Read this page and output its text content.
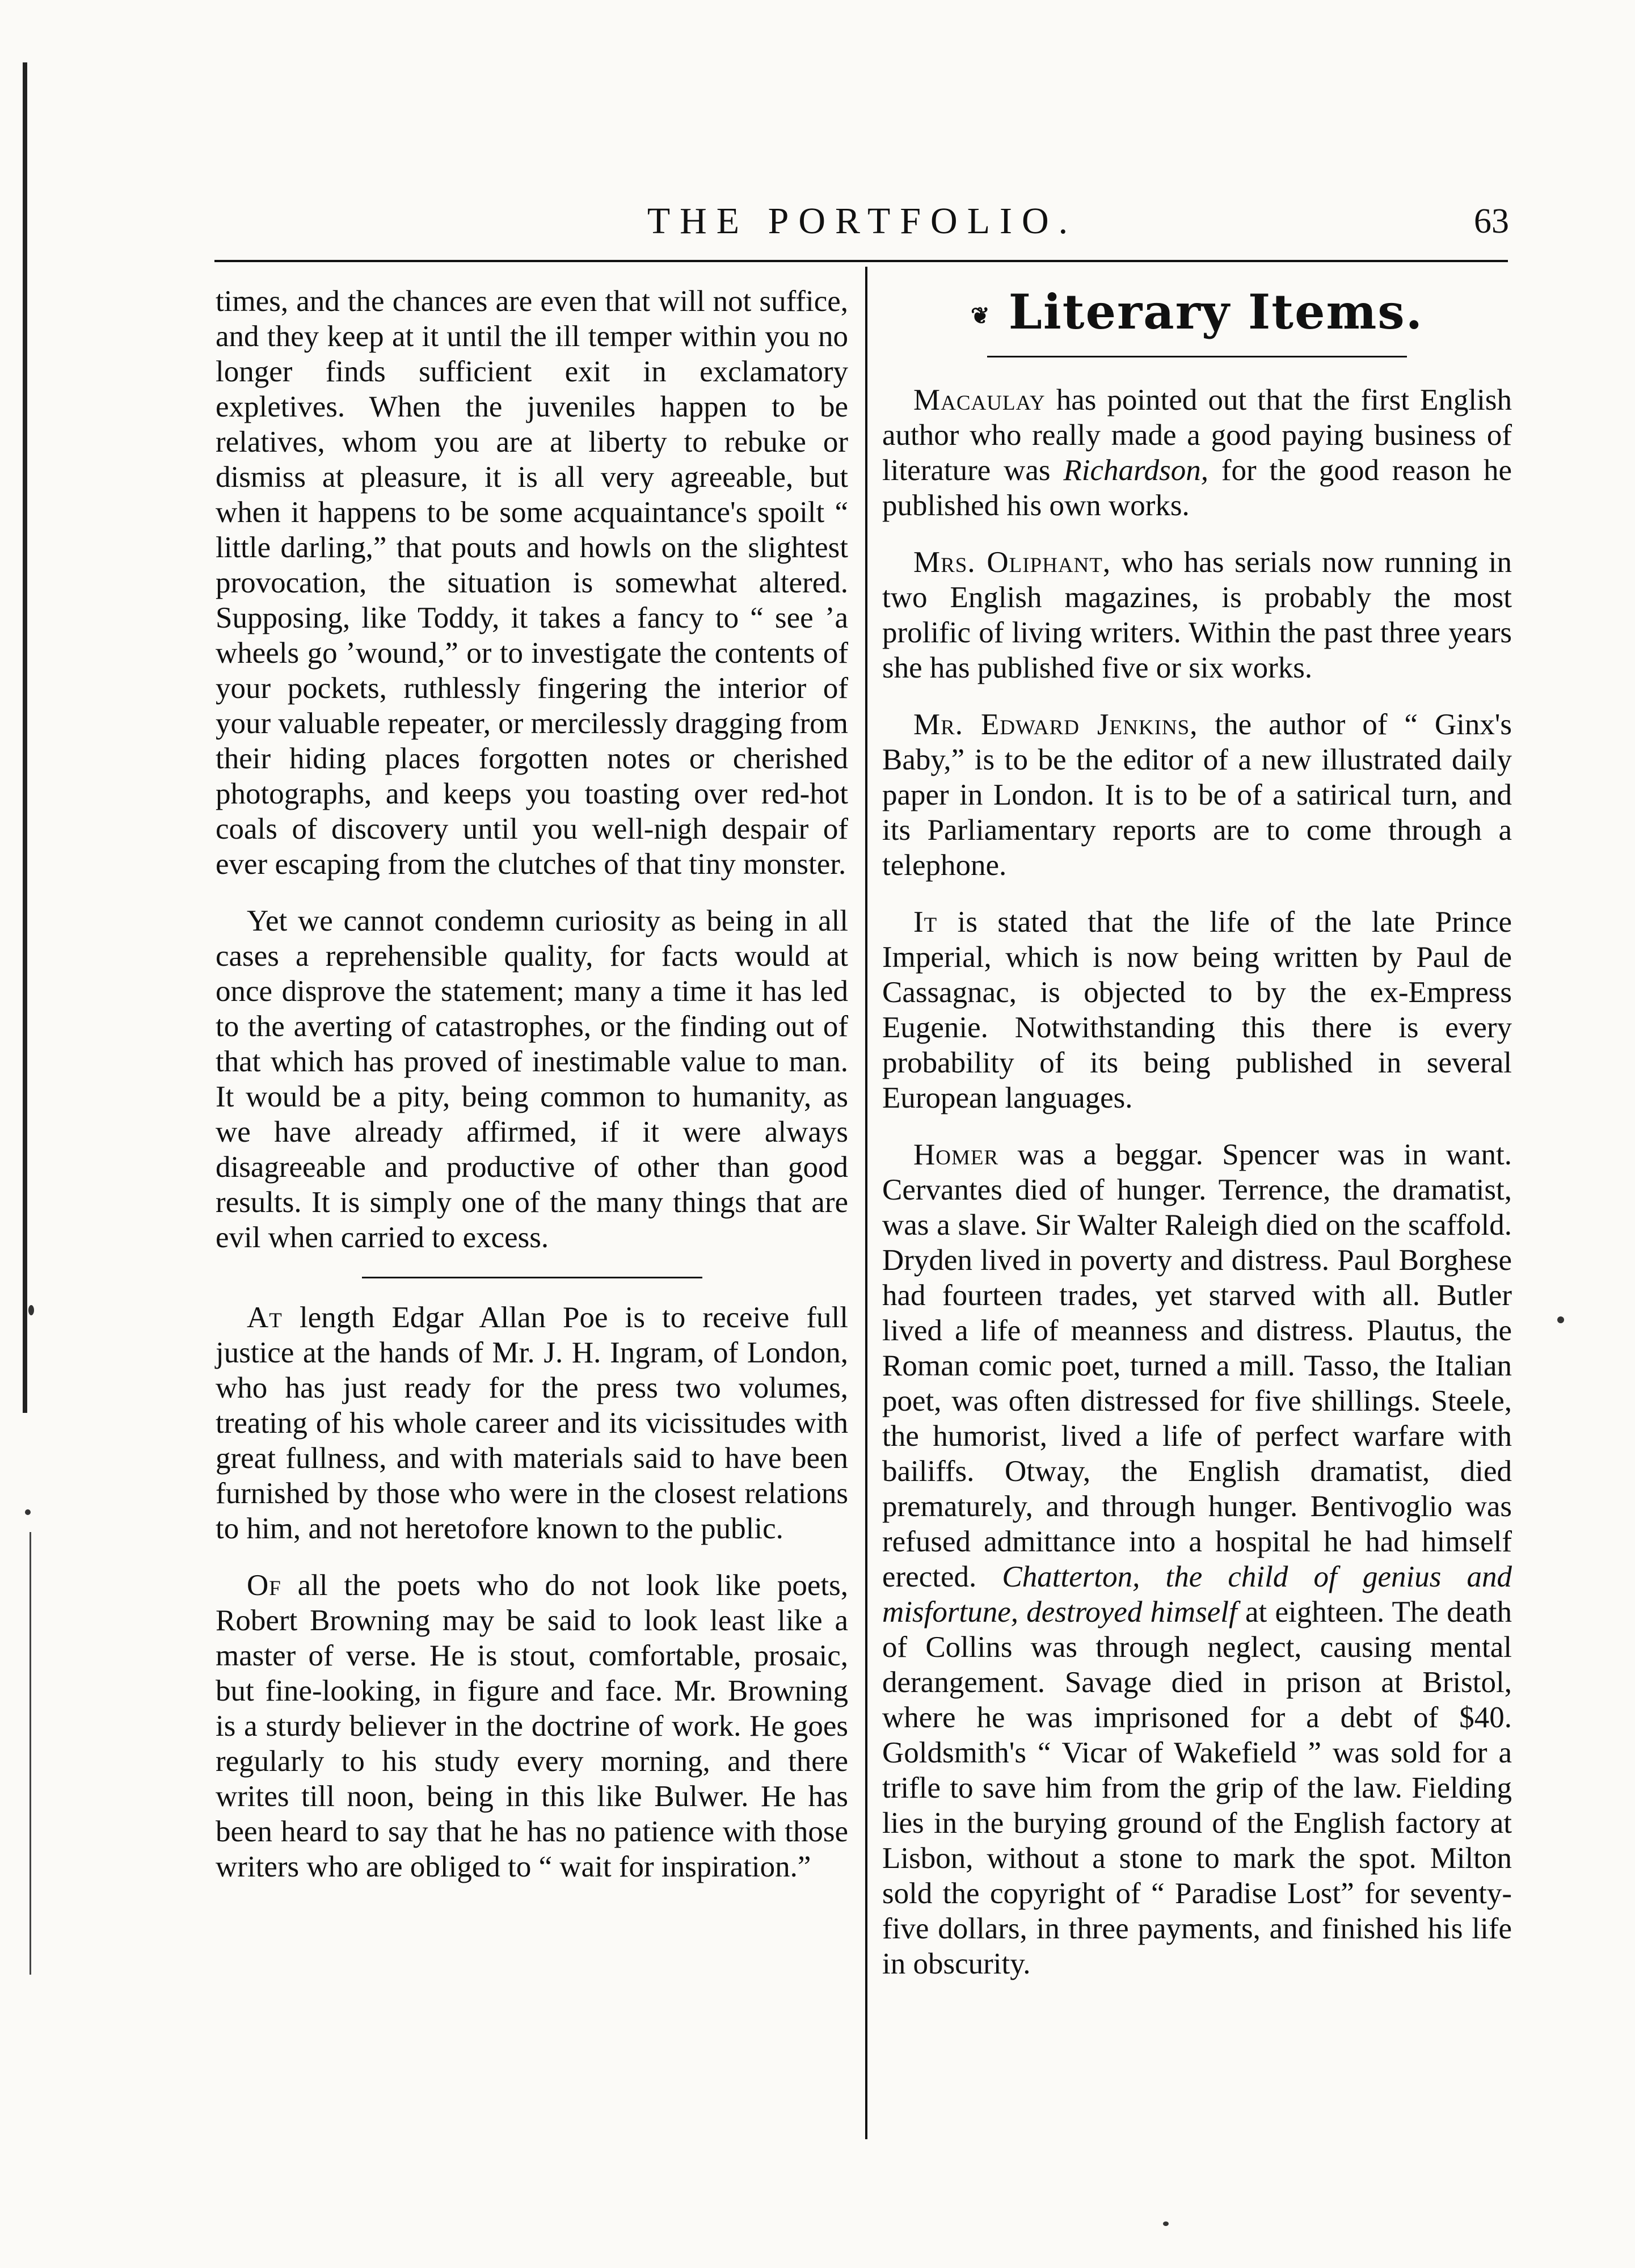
THE PORTFOLIO.	63

times, and the chances are even that will not suffice, and they keep at it until the ill temper within you no longer finds sufficient exit in exclamatory expletives. When the juveniles happen to be relatives, whom you are at liberty to rebuke or dismiss at pleasure, it is all very agreeable, but when it happens to be some acquaintance's spoilt “ little darling,” that pouts and howls on the slightest provocation, the situation is somewhat altered. Supposing, like Toddy, it takes a fancy to “ see ’a wheels go ’wound,” or to investigate the contents of your pockets, ruthlessly fingering the interior of your valuable repeater, or mercilessly dragging from their hiding places forgotten notes or cherished photographs, and keeps you toasting over red-hot coals of discovery until you well-nigh despair of ever escaping from the clutches of that tiny monster.

Yet we cannot condemn curiosity as being in all cases a reprehensible quality, for facts would at once disprove the statement; many a time it has led to the averting of catastrophes, or the finding out of that which has proved of inestimable value to man. It would be a pity, being common to humanity, as we have already affirmed, if it were always disagreeable and productive of other than good results. It is simply one of the many things that are evil when carried to excess.

At length Edgar Allan Poe is to receive full justice at the hands of Mr. J. H. Ingram, of London, who has just ready for the press two volumes, treating of his whole career and its vicissitudes with great fullness, and with materials said to have been furnished by those who were in the closest relations to him, and not heretofore known to the public.

Of all the poets who do not look like poets, Robert Browning may be said to look least like a master of verse. He is stout, comfortable, prosaic, but fine-looking, in figure and face. Mr. Browning is a sturdy believer in the doctrine of work. He goes regularly to his study every morning, and there writes till noon, being in this like Bulwer. He has been heard to say that he has no patience with those writers who are obliged to “ wait for inspiration.”

❦ Literary Items.

Macaulay has pointed out that the first English author who really made a good paying business of literature was Richardson, for the good reason he published his own works.

Mrs. Oliphant, who has serials now running in two English magazines, is probably the most prolific of living writers. Within the past three years she has published five or six works.

Mr. Edward Jenkins, the author of “ Ginx's Baby,” is to be the editor of a new illustrated daily paper in London. It is to be of a satirical turn, and its Parliamentary reports are to come through a telephone.

It is stated that the life of the late Prince Imperial, which is now being written by Paul de Cassagnac, is objected to by the ex-Empress Eugenie. Notwithstanding this there is every probability of its being published in several European languages.

Homer was a beggar. Spencer was in want. Cervantes died of hunger. Terrence, the dramatist, was a slave. Sir Walter Raleigh died on the scaffold. Dryden lived in poverty and distress. Paul Borghese had fourteen trades, yet starved with all. Butler lived a life of meanness and distress. Plautus, the Roman comic poet, turned a mill. Tasso, the Italian poet, was often distressed for five shillings. Steele, the humorist, lived a life of perfect warfare with bailiffs. Otway, the English dramatist, died prematurely, and through hunger. Bentivoglio was refused admittance into a hospital he had himself erected. Chatterton, the child of genius and misfortune, destroyed himself at eighteen. The death of Collins was through neglect, causing mental derangement. Savage died in prison at Bristol, where he was imprisoned for a debt of $40. Goldsmith's “ Vicar of Wakefield ” was sold for a trifle to save him from the grip of the law. Fielding lies in the burying ground of the English factory at Lisbon, without a stone to mark the spot. Milton sold the copyright of “ Paradise Lost” for seventy-five dollars, in three payments, and finished his life in obscurity.
